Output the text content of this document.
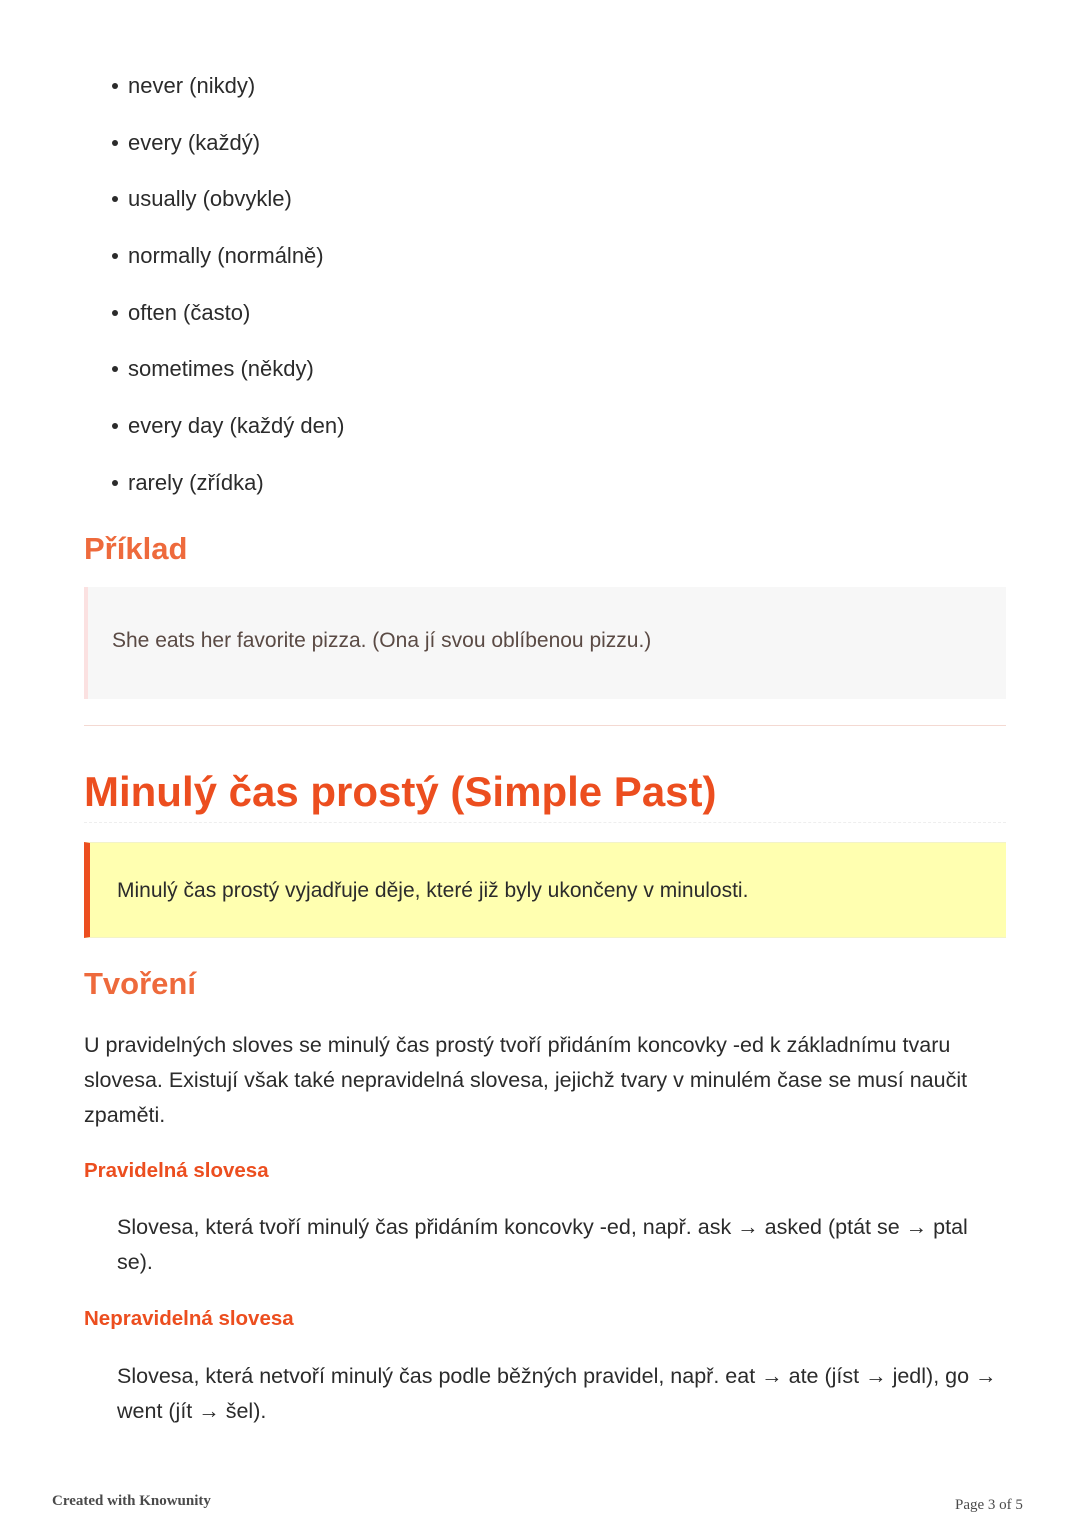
never (nikdy)
every (každý)
usually (obvykle)
normally (normálně)
often (často)
sometimes (někdy)
every day (každý den)
rarely (zřídka)
Příklad
She eats her favorite pizza. (Ona jí svou oblíbenou pizzu.)
Minulý čas prostý (Simple Past)
Minulý čas prostý vyjadřuje děje, které již byly ukončeny v minulosti.
Tvoření
U pravidelných sloves se minulý čas prostý tvoří přidáním koncovky -ed k základnímu tvaru slovesa. Existují však také nepravidelná slovesa, jejichž tvary v minulém čase se musí naučit zpaměti.
Pravidelná slovesa
Slovesa, která tvoří minulý čas přidáním koncovky -ed, např. ask → asked (ptát se → ptal se).
Nepravidelná slovesa
Slovesa, která netvoří minulý čas podle běžných pravidel, např. eat → ate (jíst → jedl), go → went (jít → šel).
Created with Knowunity	Page 3 of 5
